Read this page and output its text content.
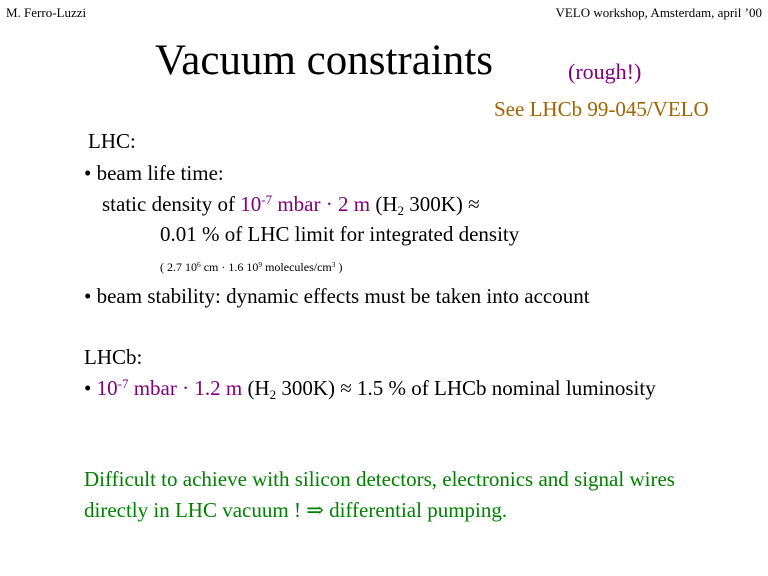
M. Ferro-Luzzi	VELO workshop, Amsterdam, april ’00
Vacuum constraints	(rough!)
See LHCb 99-045/VELO
LHC:
• beam life time:
static density of $10^{-7}$ mbar · 2 m ($H_2$ 300K) ≈
0.01 % of LHC limit for integrated density
( 2.7 $10^6$ cm · 1.6 $10^9$ molecules/$cm^3$ )
• beam stability: dynamic effects must be taken into account
LHCb:
• $10^{-7}$ mbar · 1.2 m ($H_2$ 300K) ≈ 1.5 % of LHCb nominal luminosity
Difficult to achieve with silicon detectors, electronics and signal wires
directly in LHC vacuum ! ⇒ differential pumping.
